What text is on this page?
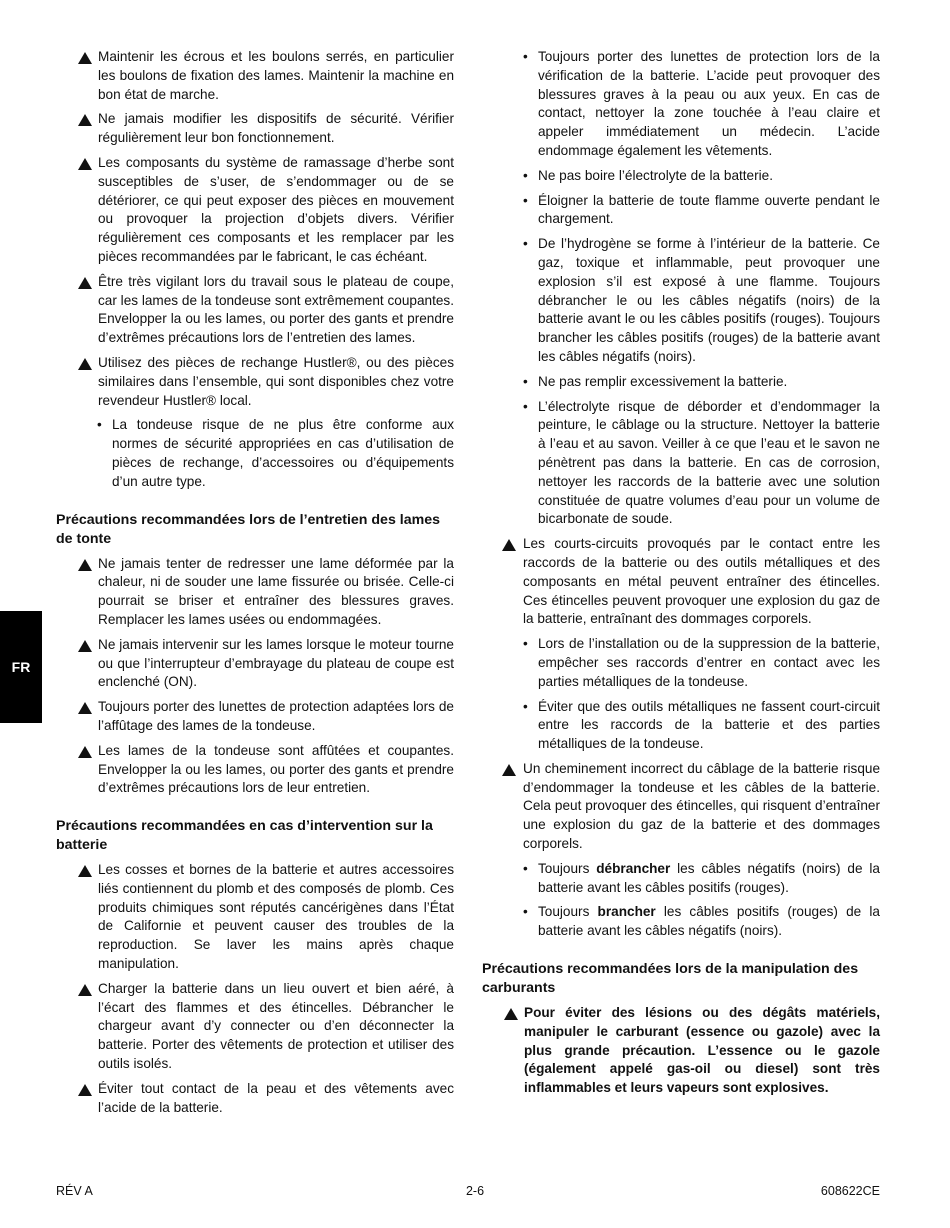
FR
Maintenir les écrous et les boulons serrés, en particulier les boulons de fixation des lames. Maintenir la machine en bon état de marche.
Ne jamais modifier les dispositifs de sécurité. Vérifier régulièrement leur bon fonctionnement.
Les composants du système de ramassage d’herbe sont susceptibles de s’user, de s’endommager ou de se détériorer, ce qui peut exposer des pièces en mouvement ou provoquer la projection d’objets divers. Vérifier régulièrement ces composants et les remplacer par les pièces recommandées par le fabricant, le cas échéant.
Être très vigilant lors du travail sous le plateau de coupe, car les lames de la tondeuse sont extrêmement coupantes. Envelopper la ou les lames, ou porter des gants et prendre d’extrêmes précautions lors de l’entretien des lames.
Utilisez des pièces de rechange Hustler®, ou des pièces similaires dans l’ensemble, qui sont disponibles chez votre revendeur Hustler® local.
• La tondeuse risque de ne plus être conforme aux normes de sécurité appropriées en cas d’utilisation de pièces de rechange, d’accessoires ou d’équipements d’un autre type.
Précautions recommandées lors de l’entretien des lames de tonte
Ne jamais tenter de redresser une lame déformée par la chaleur, ni de souder une lame fissurée ou brisée. Celle-ci pourrait se briser et entraîner des blessures graves. Remplacer les lames usées ou endommagées.
Ne jamais intervenir sur les lames lorsque le moteur tourne ou que l’interrupteur d’embrayage du plateau de coupe est enclenché (ON).
Toujours porter des lunettes de protection adaptées lors de l’affûtage des lames de la tondeuse.
Les lames de la tondeuse sont affûtées et coupantes. Envelopper la ou les lames, ou porter des gants et prendre d’extrêmes précautions lors de leur entretien.
Précautions recommandées en cas d’intervention sur la batterie
Les cosses et bornes de la batterie et autres accessoires liés contiennent du plomb et des composés de plomb. Ces produits chimiques sont réputés cancérigènes dans l’État de Californie et peuvent causer des troubles de la reproduction. Se laver les mains après chaque manipulation.
Charger la batterie dans un lieu ouvert et bien aéré, à l’écart des flammes et des étincelles. Débrancher le chargeur avant d’y connecter ou d’en déconnecter la batterie. Porter des vêtements de protection et utiliser des outils isolés.
Éviter tout contact de la peau et des vêtements avec l’acide de la batterie.
• Toujours porter des lunettes de protection lors de la vérification de la batterie. L’acide peut provoquer des blessures graves à la peau ou aux yeux. En cas de contact, nettoyer la zone touchée à l’eau claire et appeler immédiatement un médecin. L’acide endommage également les vêtements.
• Ne pas boire l’électrolyte de la batterie.
• Éloigner la batterie de toute flamme ouverte pendant le chargement.
• De l’hydrogène se forme à l’intérieur de la batterie. Ce gaz, toxique et inflammable, peut provoquer une explosion s’il est exposé à une flamme. Toujours débrancher le ou les câbles négatifs (noirs) de la batterie avant le ou les câbles positifs (rouges). Toujours brancher les câbles positifs (rouges) de la batterie avant les câbles négatifs (noirs).
• Ne pas remplir excessivement la batterie.
• L’électrolyte risque de déborder et d’endommager la peinture, le câblage ou la structure. Nettoyer la batterie à l’eau et au savon. Veiller à ce que l’eau et le savon ne pénètrent pas dans la batterie. En cas de corrosion, nettoyer les raccords de la batterie avec une solution constituée de quatre volumes d’eau pour un volume de bicarbonate de soude.
Les courts-circuits provoqués par le contact entre les raccords de la batterie ou des outils métalliques et des composants en métal peuvent entraîner des étincelles. Ces étincelles peuvent provoquer une explosion du gaz de la batterie, entraînant des dommages corporels.
• Lors de l’installation ou de la suppression de la batterie, empêcher ses raccords d’entrer en contact avec les parties métalliques de la tondeuse.
• Éviter que des outils métalliques ne fassent court-circuit entre les raccords de la batterie et des parties métalliques de la tondeuse.
Un cheminement incorrect du câblage de la batterie risque d’endommager la tondeuse et les câbles de la batterie. Cela peut provoquer des étincelles, qui risquent d’entraîner une explosion du gaz de la batterie et des dommages corporels.
• Toujours débrancher les câbles négatifs (noirs) de la batterie avant les câbles positifs (rouges).
• Toujours brancher les câbles positifs (rouges) de la batterie avant les câbles négatifs (noirs).
Précautions recommandées lors de la manipulation des carburants
Pour éviter des lésions ou des dégâts matériels, manipuler le carburant (essence ou gazole) avec la plus grande précaution. L’essence ou le gazole (également appelé gas-oil ou diesel) sont très inflammables et leurs vapeurs sont explosives.
RÉV A	2-6	608622CE
